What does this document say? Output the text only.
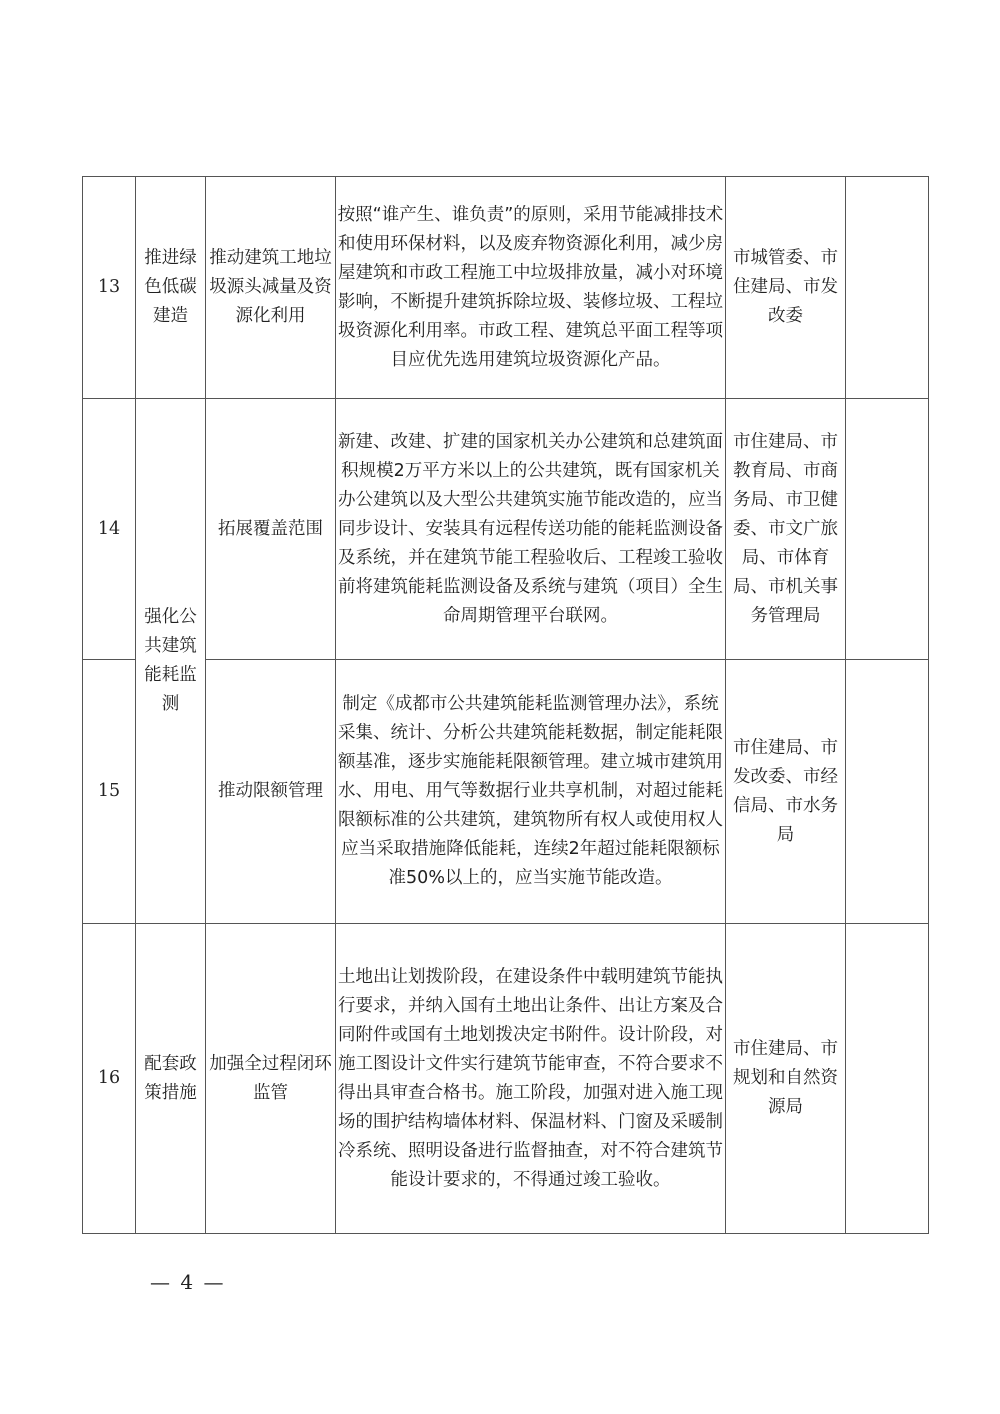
13	推进绿色低碳建造	推动建筑工地垃圾源头减量及资源化利用	按照“谁产生、谁负责”的原则，采用节能减排技术和使用环保材料，以及废弃物资源化利用，减少房屋建筑和市政工程施工中垃圾排放量，减小对环境影响，不断提升建筑拆除垃圾、装修垃圾、工程垃圾资源化利用率。市政工程、建筑总平面工程等项目应优先选用建筑垃圾资源化产品。	市城管委、市住建局、市发改委	
14	强化公共建筑能耗监测	拓展覆盖范围	新建、改建、扩建的国家机关办公建筑和总建筑面积规模2万平方米以上的公共建筑，既有国家机关办公建筑以及大型公共建筑实施节能改造的，应当同步设计、安装具有远程传送功能的能耗监测设备及系统，并在建筑节能工程验收后、工程竣工验收前将建筑能耗监测设备及系统与建筑（项目）全生命周期管理平台联网。	市住建局、市教育局、市商务局、市卫健委、市文广旅局、市体育局、市机关事务管理局	
15		推动限额管理	制定《成都市公共建筑能耗监测管理办法》，系统采集、统计、分析公共建筑能耗数据，制定能耗限额基准，逐步实施能耗限额管理。建立城市建筑用水、用电、用气等数据行业共享机制，对超过能耗限额标准的公共建筑，建筑物所有权人或使用权人应当采取措施降低能耗，连续2年超过能耗限额标准50%以上的，应当实施节能改造。	市住建局、市发改委、市经信局、市水务局	
16	配套政策措施	加强全过程闭环监管	土地出让划拨阶段，在建设条件中载明建筑节能执行要求，并纳入国有土地出让条件、出让方案及合同附件或国有土地划拨决定书附件。设计阶段，对施工图设计文件实行建筑节能审查，不符合要求不得出具审查合格书。施工阶段，加强对进入施工现场的围护结构墙体材料、保温材料、门窗及采暖制冷系统、照明设备进行监督抽查，对不符合建筑节能设计要求的，不得通过竣工验收。	市住建局、市规划和自然资源局	
— 4 —
